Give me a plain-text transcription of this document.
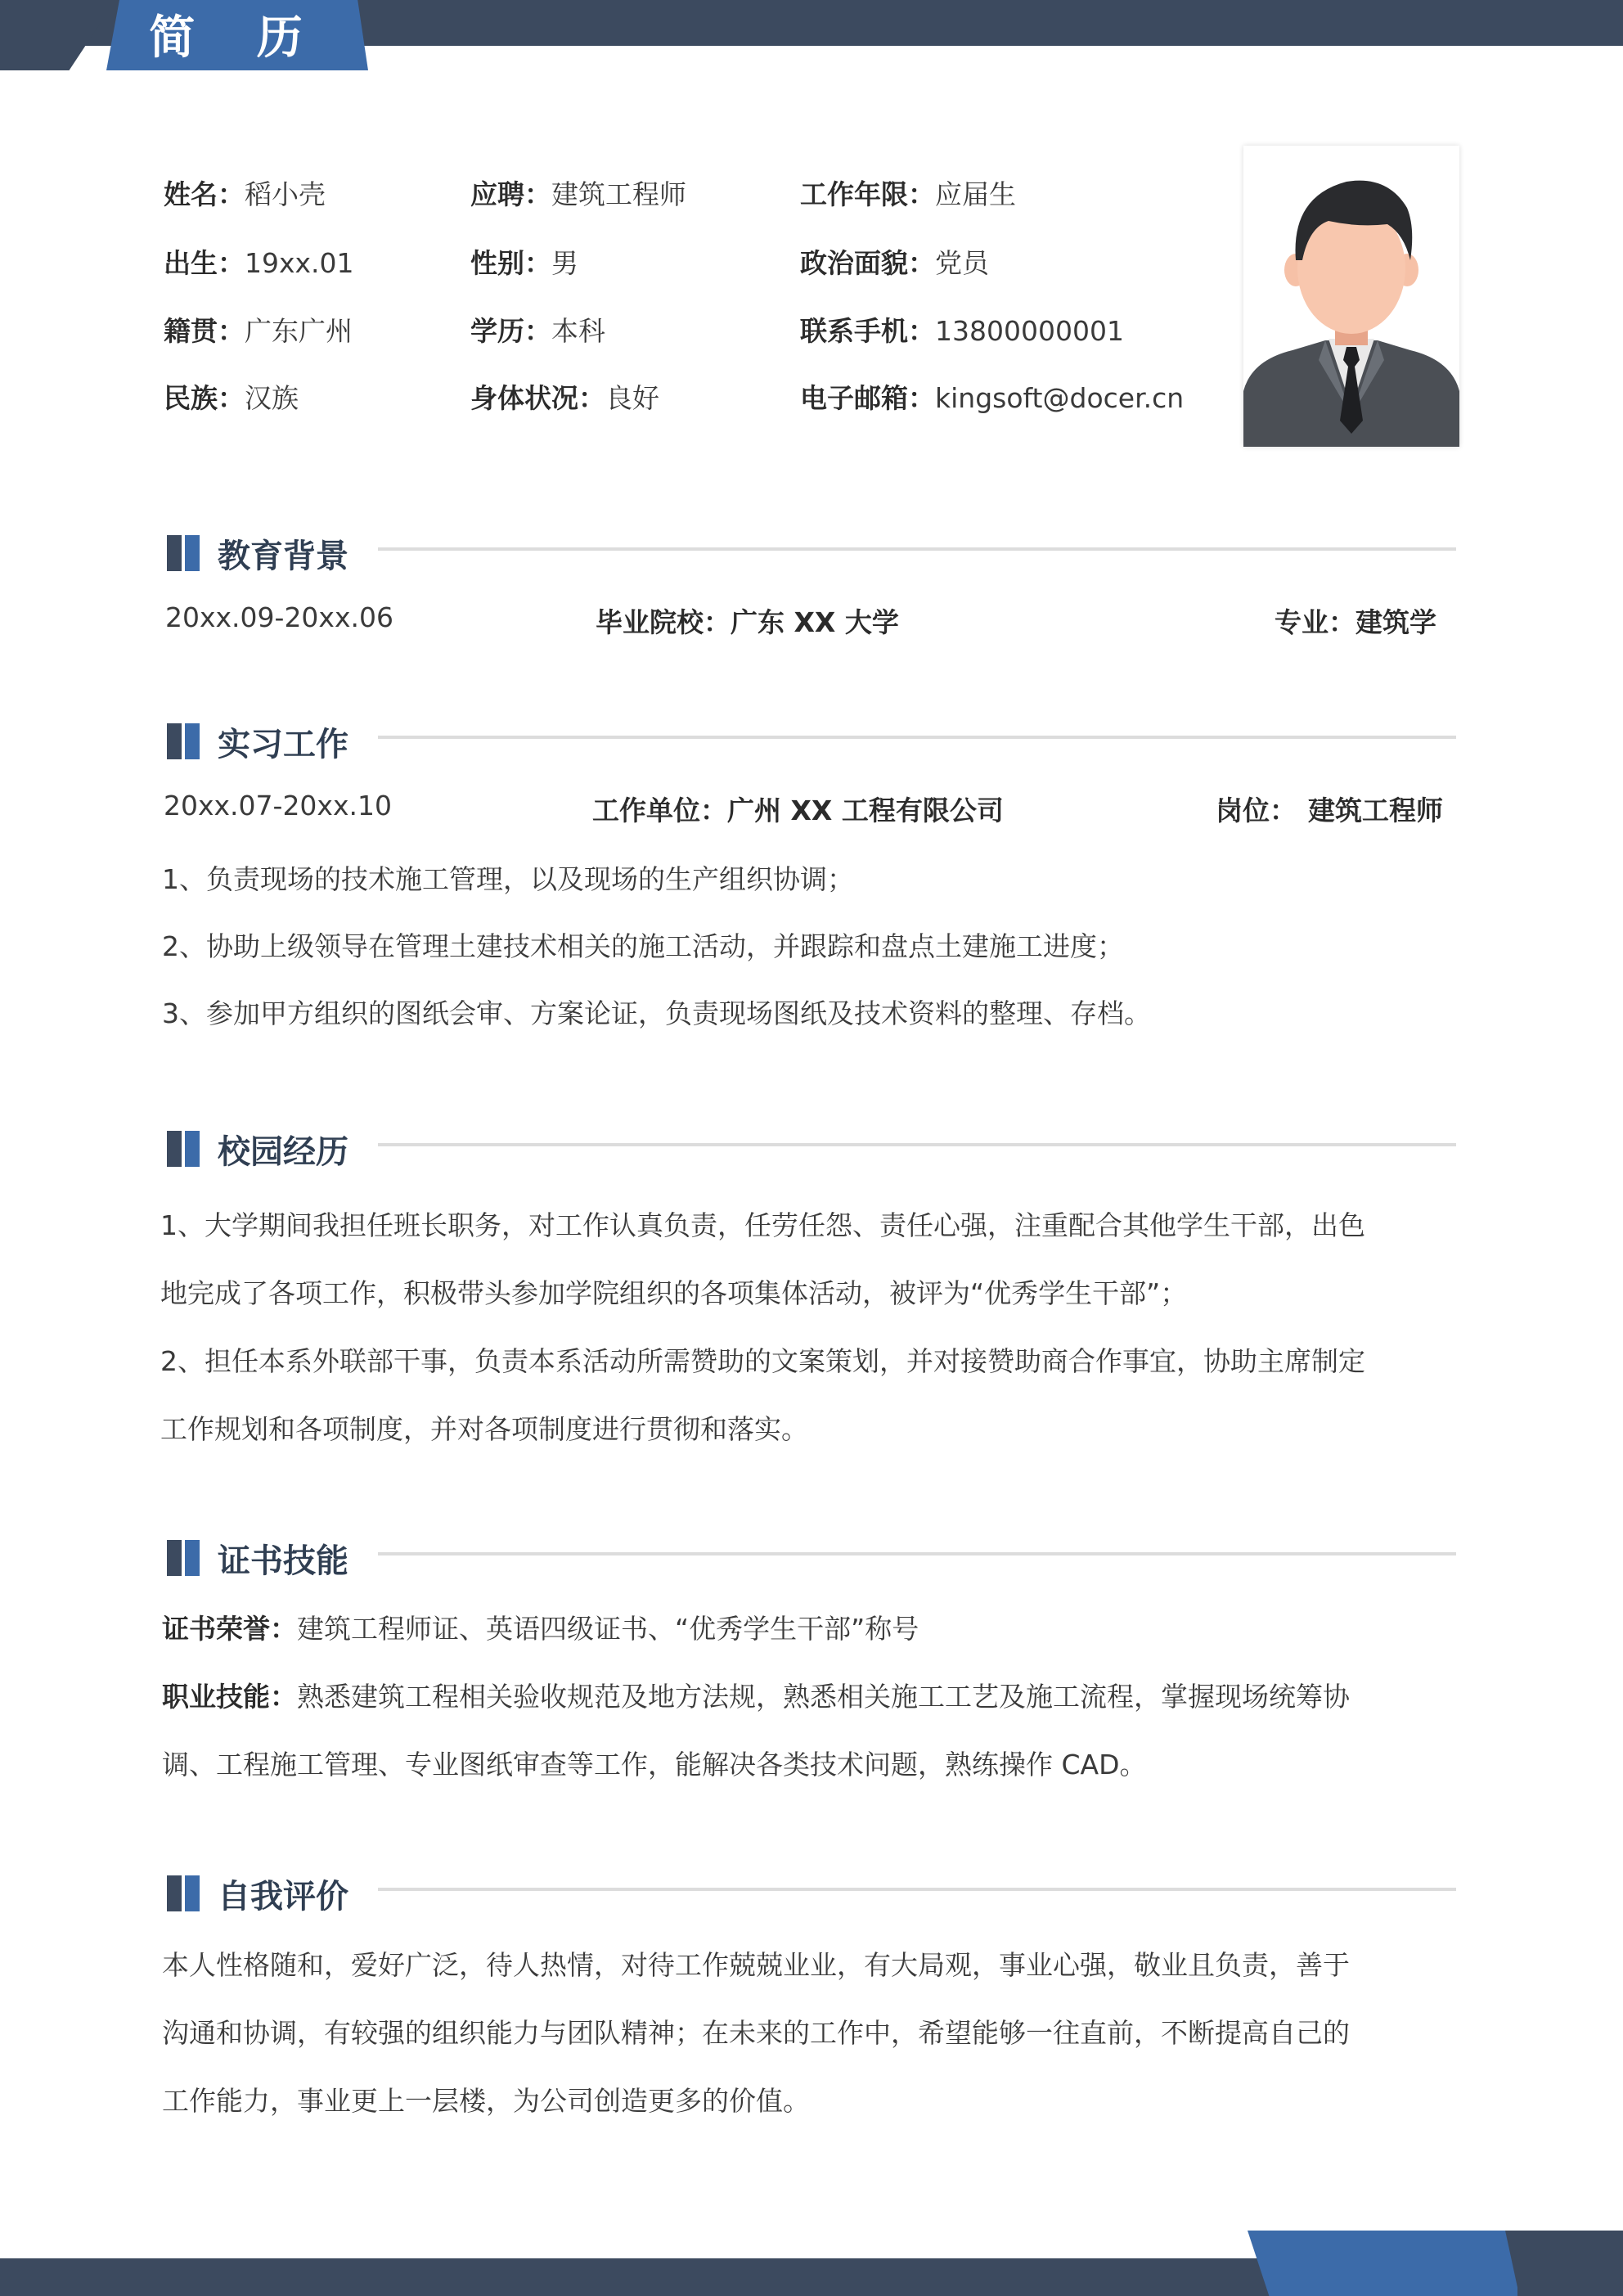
简 历
姓名：稻小壳	应聘：建筑工程师	工作年限：应届生
出生：19xx.01	性别：男	政治面貌：党员
籍贯：广东广州	学历：本科	联系手机：13800000001
民族：汉族	身体状况：良好	电子邮箱：kingsoft@docer.cn
教育背景
20xx.09-20xx.06	毕业院校：广东 XX 大学	专业：建筑学
实习工作
20xx.07-20xx.10	工作单位：广州 XX 工程有限公司	岗位： 建筑工程师
1、负责现场的技术施工管理，以及现场的生产组织协调；
2、协助上级领导在管理土建技术相关的施工活动，并跟踪和盘点土建施工进度；
3、参加甲方组织的图纸会审、方案论证，负责现场图纸及技术资料的整理、存档。
校园经历
1、大学期间我担任班长职务，对工作认真负责，任劳任怨、责任心强，注重配合其他学生干部，出色
地完成了各项工作，积极带头参加学院组织的各项集体活动，被评为“优秀学生干部”；
2、担任本系外联部干事，负责本系活动所需赞助的文案策划，并对接赞助商合作事宜，协助主席制定
工作规划和各项制度，并对各项制度进行贯彻和落实。
证书技能
证书荣誉：建筑工程师证、英语四级证书、“优秀学生干部”称号
职业技能：熟悉建筑工程相关验收规范及地方法规，熟悉相关施工工艺及施工流程，掌握现场统筹协
调、工程施工管理、专业图纸审查等工作，能解决各类技术问题，熟练操作 CAD。
自我评价
本人性格随和，爱好广泛，待人热情，对待工作兢兢业业，有大局观，事业心强，敬业且负责，善于
沟通和协调，有较强的组织能力与团队精神；在未来的工作中，希望能够一往直前，不断提高自己的
工作能力，事业更上一层楼，为公司创造更多的价值。
